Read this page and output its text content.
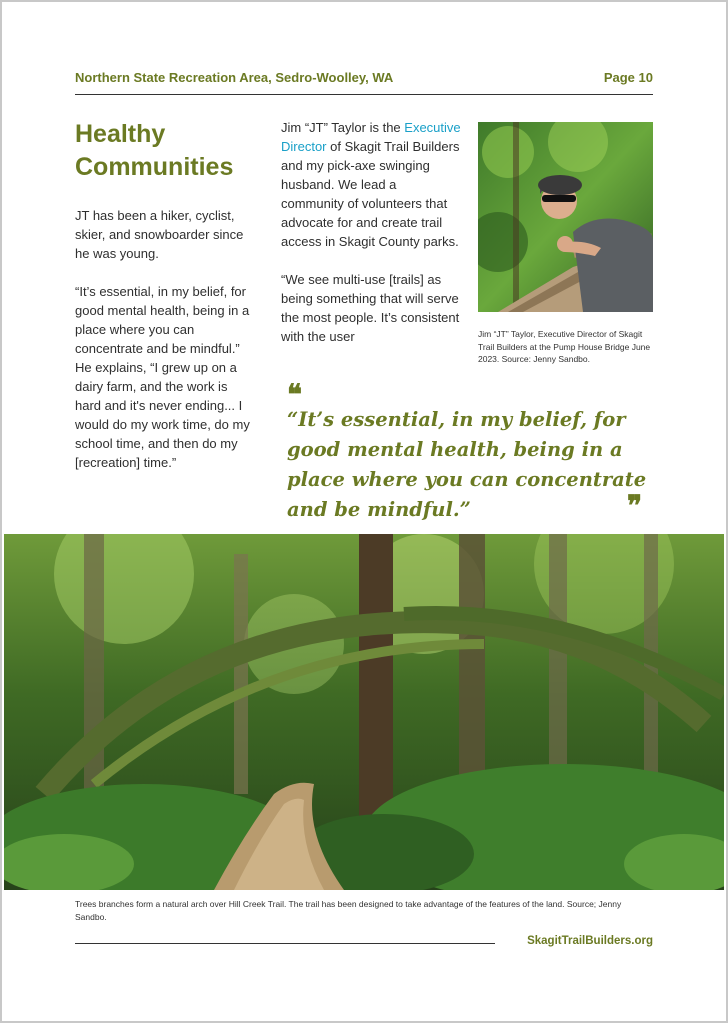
Northern State Recreation Area, Sedro-Woolley, WA	Page 10
Healthy
Communities

JT has been a hiker, cyclist, skier, and snowboarder since he was young.

“It’s essential, in my belief, for good mental health, being in a place where you can concentrate and be mindful.” He explains, “I grew up on a dairy farm, and the work is hard and it's never ending... I would do my work time, do my school time, and then do my [recreation] time.”

Jim “JT” Taylor is the Executive Director of Skagit Trail Builders and my pick-axe swinging husband. We lead a community of volunteers that advocate for and create trail access in Skagit County parks.

“We see multi-use [trails] as being something that will serve the most people. It’s consistent with the user	Jim “JT” Taylor, Executive Director of Skagit Trail Builders at the Pump House Bridge June 2023. Source: Jenny Sandbo.
❝
“It’s essential, in my belief, for good mental health, being in a place where you can concentrate and be mindful.”	❞
Trees branches form a natural arch over Hill Creek Trail. The trail has been designed to take advantage of the features of the land. Source; Jenny Sandbo.
SkagitTrailBuilders.org
